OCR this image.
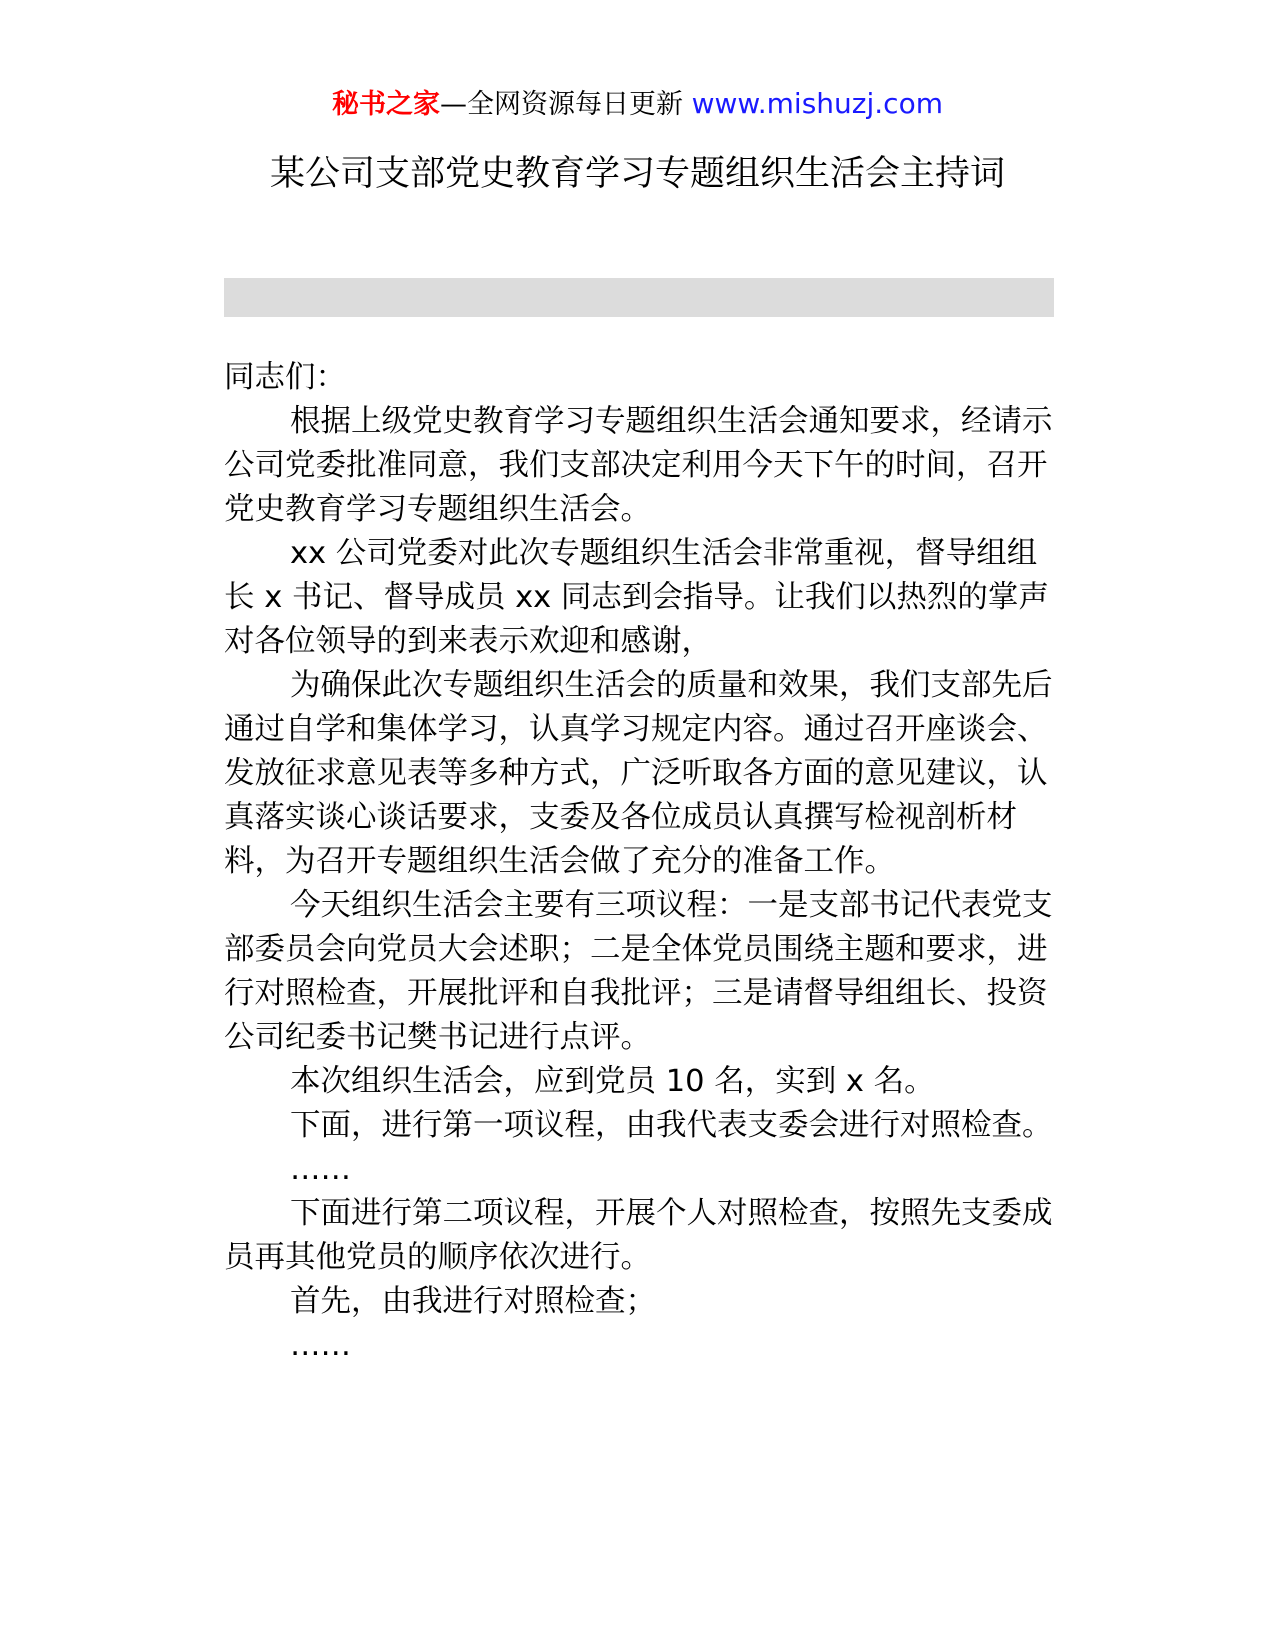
秘书之家—全网资源每日更新 www.mishuzj.com
某公司支部党史教育学习专题组织生活会主持词

同志们：

根据上级党史教育学习专题组织生活会通知要求，经请示公司党委批准同意，我们支部决定利用今天下午的时间，召开党史教育学习专题组织生活会。

xx 公司党委对此次专题组织生活会非常重视，督导组组长 x 书记、督导成员 xx 同志到会指导。让我们以热烈的掌声对各位领导的到来表示欢迎和感谢，

为确保此次专题组织生活会的质量和效果，我们支部先后通过自学和集体学习，认真学习规定内容。通过召开座谈会、发放征求意见表等多种方式，广泛听取各方面的意见建议，认真落实谈心谈话要求，支委及各位成员认真撰写检视剖析材料，为召开专题组织生活会做了充分的准备工作。

今天组织生活会主要有三项议程：一是支部书记代表党支部委员会向党员大会述职；二是全体党员围绕主题和要求，进行对照检查，开展批评和自我批评；三是请督导组组长、投资公司纪委书记樊书记进行点评。

本次组织生活会，应到党员 10 名，实到 x 名。

下面，进行第一项议程，由我代表支委会进行对照检查。

……

下面进行第二项议程，开展个人对照检查，按照先支委成员再其他党员的顺序依次进行。

首先，由我进行对照检查；

……
